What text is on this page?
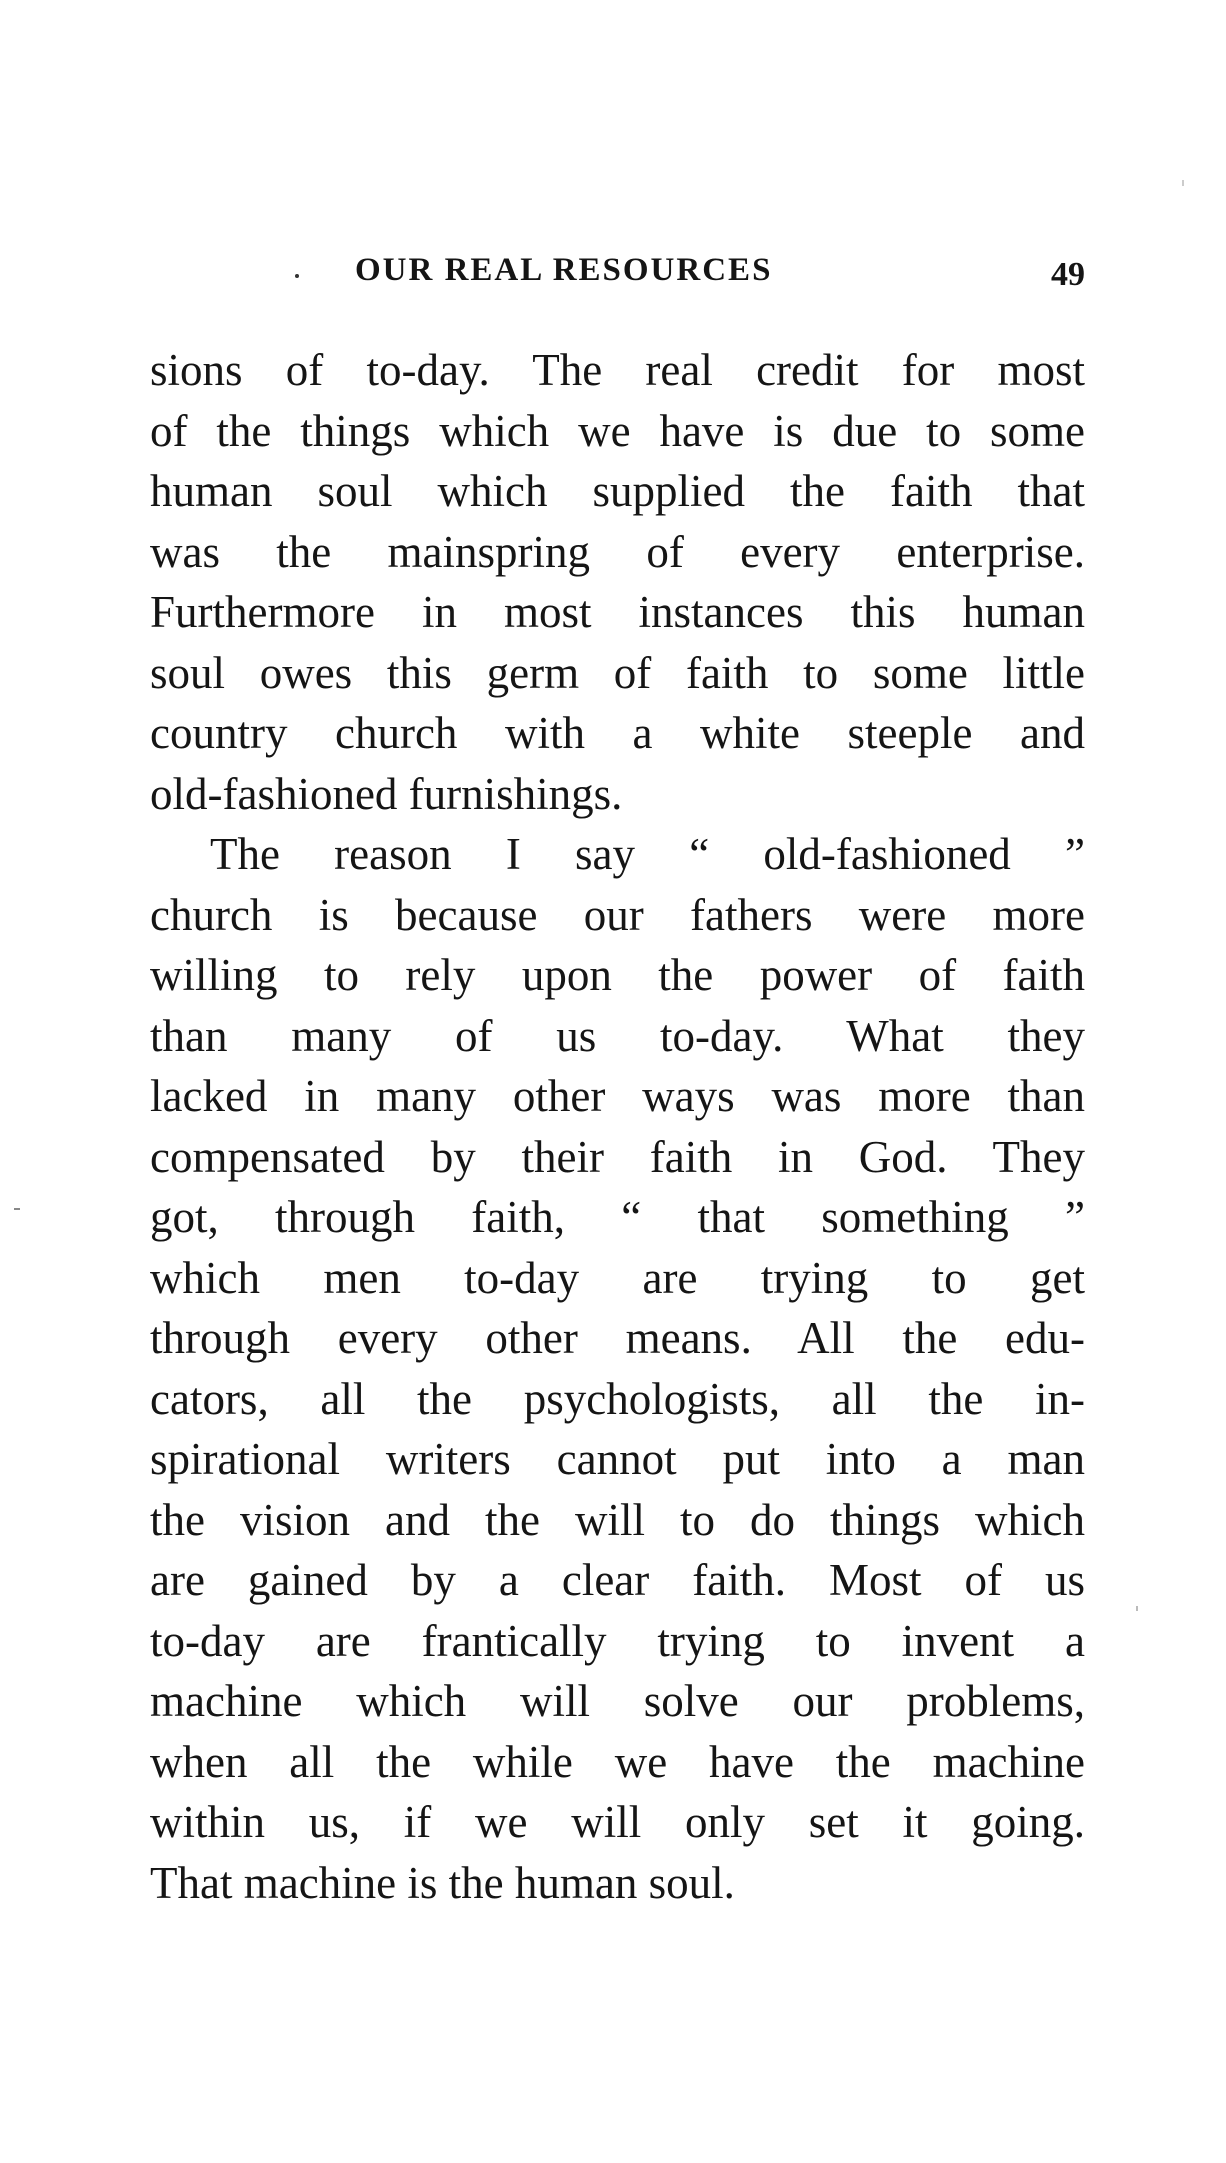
OUR REAL RESOURCES	49
sions of to-day. The real credit for most
of the things which we have is due to some
human soul which supplied the faith that
was the mainspring of every enterprise.
Furthermore in most instances this human
soul owes this germ of faith to some little
country church with a white steeple and
old-fashioned furnishings.
The reason I say “ old-fashioned ”
church is because our fathers were more
willing to rely upon the power of faith
than many of us to-day. What they
lacked in many other ways was more than
compensated by their faith in God. They
got, through faith, “ that something ”
which men to-day are trying to get
through every other means. All the edu-
cators, all the psychologists, all the in-
spirational writers cannot put into a man
the vision and the will to do things which
are gained by a clear faith. Most of us
to-day are frantically trying to invent a
machine which will solve our problems,
when all the while we have the machine
within us, if we will only set it going.
That machine is the human soul.
